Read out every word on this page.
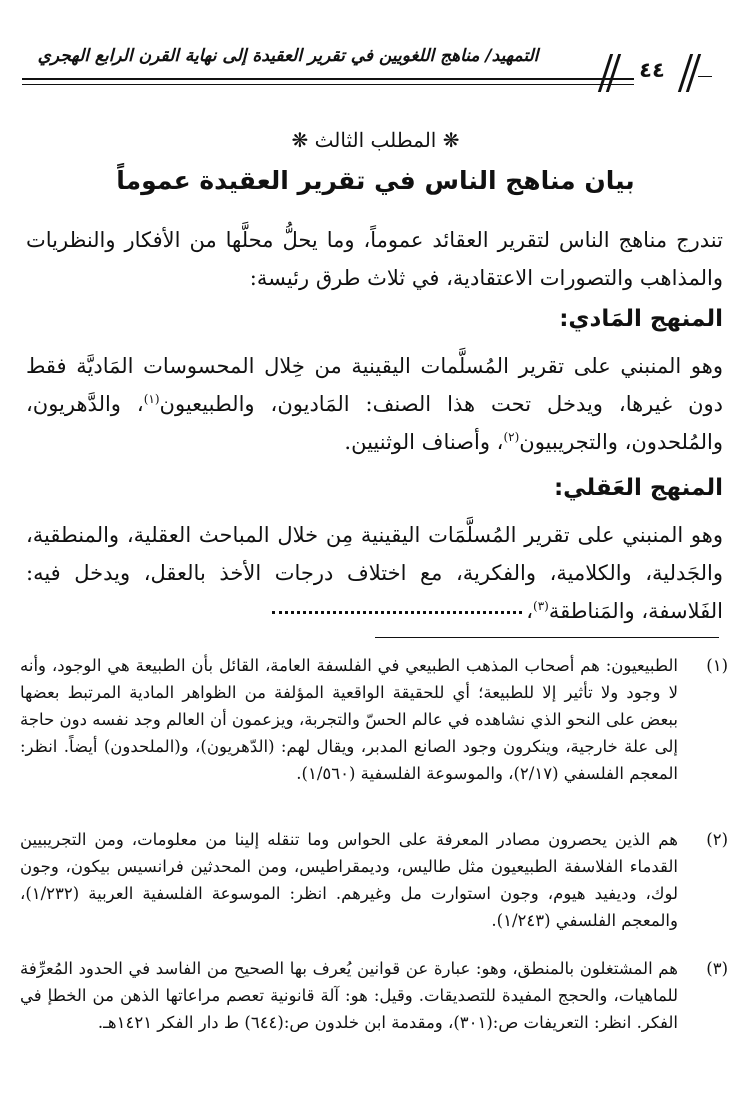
التمهيد/ مناهج اللغويين في تقرير العقيدة إلى نهاية القرن الرابع الهجري
٤٤
❋ المطلب الثالث ❋
بيان مناهج الناس في تقرير العقيدة عموماً
تندرج مناهج الناس لتقرير العقائد عموماً، وما يحلُّ محلَّها من الأفكار والنظريات والمذاهب والتصورات الاعتقادية، في ثلاث طرق رئيسة:
المنهج المَادي:
وهو المنبني على تقرير المُسلَّمات اليقينية من خِلال المحسوسات المَاديَّة فقط دون غيرها، ويدخل تحت هذا الصنف: المَاديون، والطبيعيون$^{(١)}$، والدَّهريون، والمُلحدون، والتجريبيون$^{(٢)}$، وأصناف الوثنيين.
المنهج العَقلي:
وهو المنبني على تقرير المُسلَّمَات اليقينية مِن خلال المباحث العقلية، والمنطقية، والجَدلية، والكلامية، والفكرية، مع اختلاف درجات الأخذ بالعقل، ويدخل فيه: الفَلاسفة، والمَناطقة$^{(٣)}$،
(١)
الطبيعيون: هم أصحاب المذهب الطبيعي في الفلسفة العامة، القائل بأن الطبيعة هي الوجود، وأنه لا وجود ولا تأثير إلا للطبيعة؛ أي للحقيقة الواقعية المؤلفة من الظواهر المادية المرتبط بعضها ببعض على النحو الذي نشاهده في عالم الحسّ والتجربة، ويزعمون أن العالم وجد نفسه دون حاجة إلى علة خارجية، وينكرون وجود الصانع المدبر، ويقال لهم: (الدّهريون)، و(الملحدون) أيضاً. انظر: المعجم الفلسفي (٢/١٧)، والموسوعة الفلسفية (١/٥٦٠).
(٢)
هم الذين يحصرون مصادر المعرفة على الحواس وما تنقله إلينا من معلومات، ومن التجريبيين القدماء الفلاسفة الطبيعيون مثل طاليس، وديمقراطيس، ومن المحدثين فرانسيس بيكون، وجون لوك، وديفيد هيوم، وجون استوارت مل وغيرهم. انظر: الموسوعة الفلسفية العربية (١/٢٣٢)، والمعجم الفلسفي (١/٢٤٣).
(٣)
هم المشتغلون بالمنطق، وهو: عبارة عن قوانين يُعرف بها الصحيح من الفاسد في الحدود المُعرِّفة للماهيات، والحجج المفيدة للتصديقات. وقيل: هو: آلة قانونية تعصم مراعاتها الذهن من الخطإ في الفكر. انظر: التعريفات ص:(٣٠١)، ومقدمة ابن خلدون ص:(٦٤٤) ط دار الفكر ١٤٢١هـ.
